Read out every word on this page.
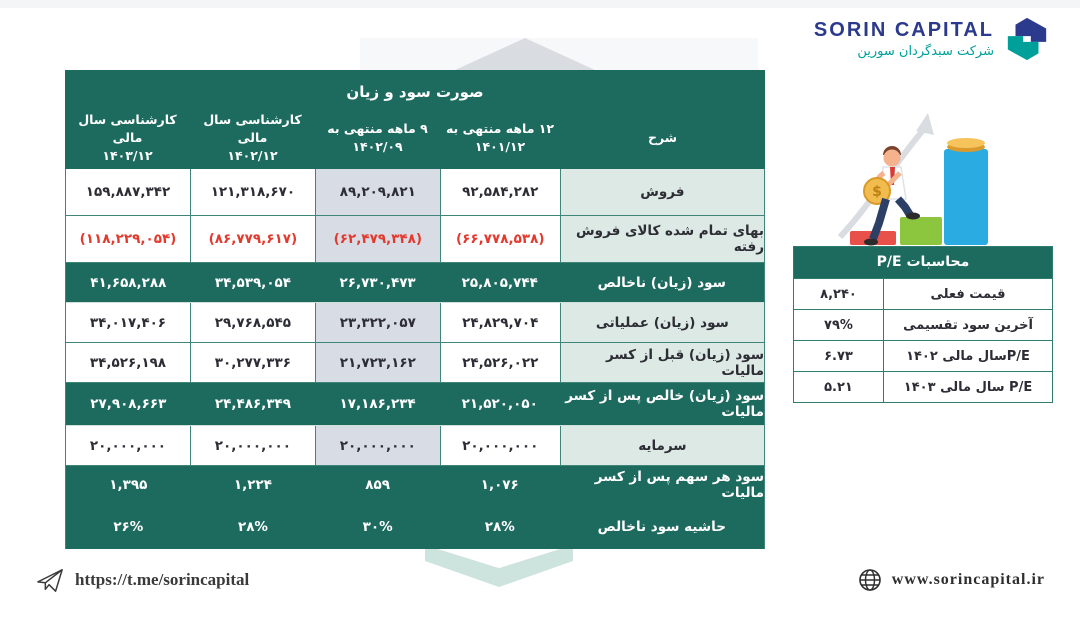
SORIN CAPITAL
شرکت سبدگردان سورین
$
صورت سود و زیان
شرح
۱۲ ماهه منتهی به
۱۴۰۱/۱۲
۹ ماهه منتهی به
۱۴۰۲/۰۹
کارشناسی سال مالی
۱۴۰۲/۱۲
کارشناسی سال مالی
۱۴۰۳/۱۲
فروش
۹۲,۵۸۴,۲۸۲
۸۹,۲۰۹,۸۲۱
۱۲۱,۳۱۸,۶۷۰
۱۵۹,۸۸۷,۳۴۲
بهای تمام شده کالای فروش رفته
(۶۶,۷۷۸,۵۳۸)
(۶۲,۴۷۹,۳۴۸)
(۸۶,۷۷۹,۶۱۷)
(۱۱۸,۲۲۹,۰۵۴)
سود (زیان) ناخالص
۲۵,۸۰۵,۷۴۴
۲۶,۷۳۰,۴۷۳
۳۴,۵۳۹,۰۵۴
۴۱,۶۵۸,۲۸۸
سود (زیان) عملیاتی
۲۴,۸۲۹,۷۰۴
۲۳,۳۲۲,۰۵۷
۲۹,۷۶۸,۵۴۵
۳۴,۰۱۷,۴۰۶
سود (زیان) قبل از کسر مالیات
۲۴,۵۲۶,۰۲۲
۲۱,۷۲۳,۱۶۲
۳۰,۲۷۷,۳۳۶
۳۴,۵۲۶,۱۹۸
سود (زیان) خالص پس از کسر مالیات
۲۱,۵۲۰,۰۵۰
۱۷,۱۸۶,۲۳۴
۲۴,۴۸۶,۳۴۹
۲۷,۹۰۸,۶۶۳
سرمایه
۲۰,۰۰۰,۰۰۰
۲۰,۰۰۰,۰۰۰
۲۰,۰۰۰,۰۰۰
۲۰,۰۰۰,۰۰۰
سود هر سهم پس از کسر مالیات
۱,۰۷۶
۸۵۹
۱,۲۲۴
۱,۳۹۵
حاشیه سود ناخالص
۲۸%
۳۰%
۲۸%
۲۶%
محاسبات P/E
قیمت فعلی
۸,۲۴۰
آخرین سود تقسیمی
۷۹%
P/Eسال مالی ۱۴۰۲
۶.۷۳
P/E سال مالی ۱۴۰۳
۵.۲۱
https://t.me/sorincapital	www.sorincapital.ir
